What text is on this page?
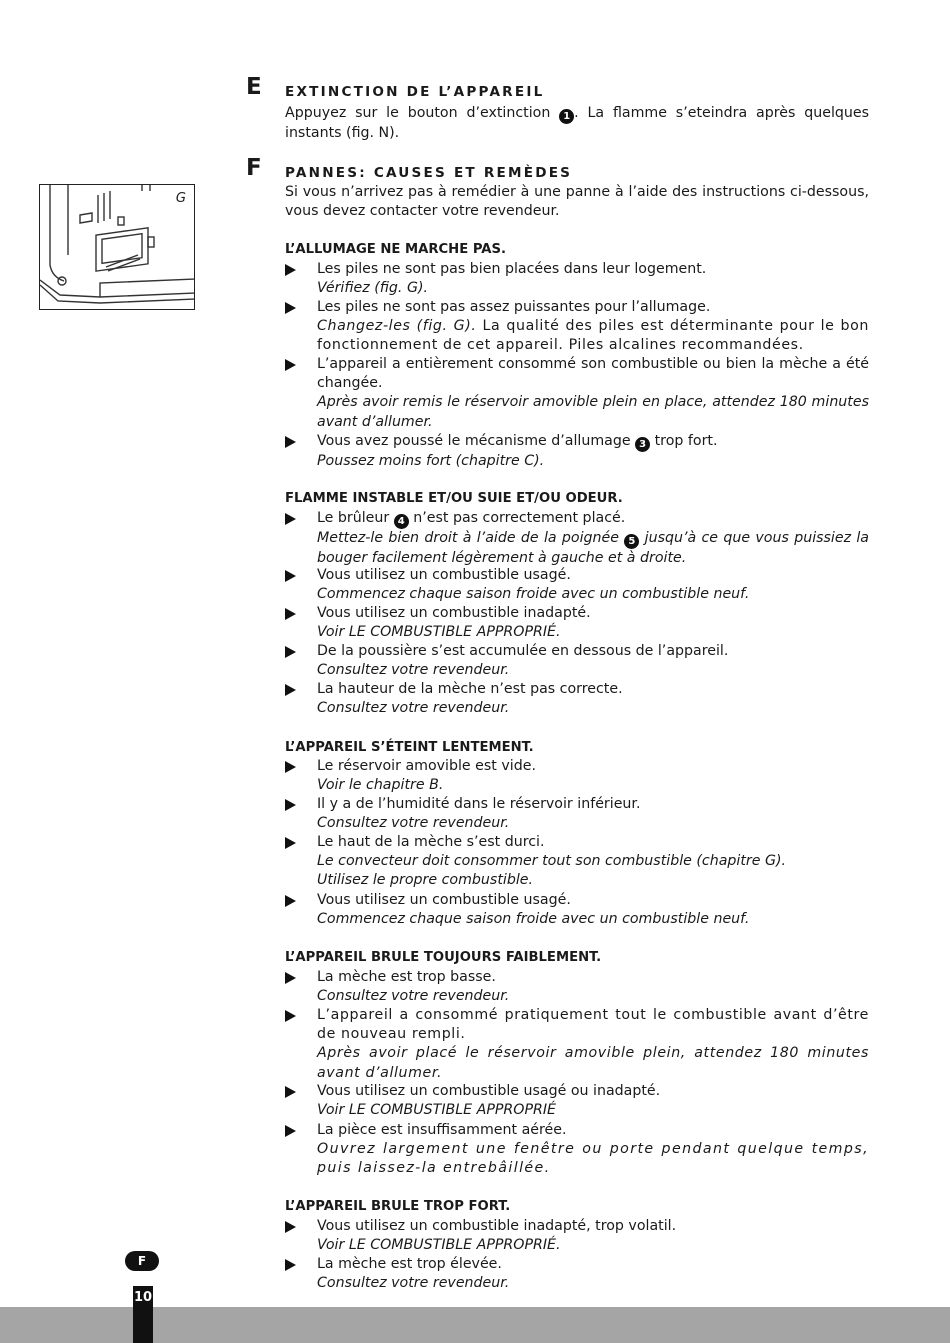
E EXTINCTION DE L’APPAREIL
Appuyez sur le bouton d’extinction 1 . La flamme s’eteindra après quelques instants (fig. N).
F PANNES: CAUSES ET REMÈDES
Si vous n’arrivez pas à remédier à une panne à l’aide des instructions ci-dessous, vous devez contacter votre revendeur.
G
L’ALLUMAGE NE MARCHE PAS.
Les piles ne sont pas bien placées dans leur logement.
Vérifiez (fig. G).
Les piles ne sont pas assez puissantes pour l’allumage.
Changez-les (fig. G). La qualité des piles est déterminante pour le bon fonctionnement de cet appareil. Piles alcalines recommandées.
L’appareil a entièrement consommé son combustible ou bien la mèche a été changée.
Après avoir remis le réservoir amovible plein en place, attendez 180 minutes avant d’allumer.
Vous avez poussé le mécanisme d’allumage 3 trop fort.
Poussez moins fort (chapitre C).
FLAMME INSTABLE ET/OU SUIE ET/OU ODEUR.
Le brûleur 4 n’est pas correctement placé.
Mettez-le bien droit à l’aide de la poignée 5 jusqu’à ce que vous puissiez la bouger facilement légèrement à gauche et à droite.
Vous utilisez un combustible usagé.
Commencez chaque saison froide avec un combustible neuf.
Vous utilisez un combustible inadapté.
Voir LE COMBUSTIBLE APPROPRIÉ.
De la poussière s’est accumulée en dessous de l’appareil.
Consultez votre revendeur.
La hauteur de la mèche n’est pas correcte.
Consultez votre revendeur.
L’APPAREIL S’ÉTEINT LENTEMENT.
Le réservoir amovible est vide.
Voir le chapitre B.
Il y a de l’humidité dans le réservoir inférieur.
Consultez votre revendeur.
Le haut de la mèche s’est durci.
Le convecteur doit consommer tout son combustible (chapitre G).
Utilisez le propre combustible.
Vous utilisez un combustible usagé.
Commencez chaque saison froide avec un combustible neuf.
L’APPAREIL BRULE TOUJOURS FAIBLEMENT.
La mèche est trop basse.
Consultez votre revendeur.
L’appareil a consommé pratiquement tout le combustible avant d’être de nouveau rempli.
Après avoir placé le réservoir amovible plein, attendez 180 minutes avant d’allumer.
Vous utilisez un combustible usagé ou inadapté.
Voir LE COMBUSTIBLE APPROPRIÉ
La pièce est insuffisamment aérée.
Ouvrez largement une fenêtre ou porte pendant quelque temps, puis laissez-la entrebâillée.
L’APPAREIL BRULE TROP FORT.
Vous utilisez un combustible inadapté, trop volatil.
Voir LE COMBUSTIBLE APPROPRIÉ.
La mèche est trop élevée.
Consultez votre revendeur.
F
10
